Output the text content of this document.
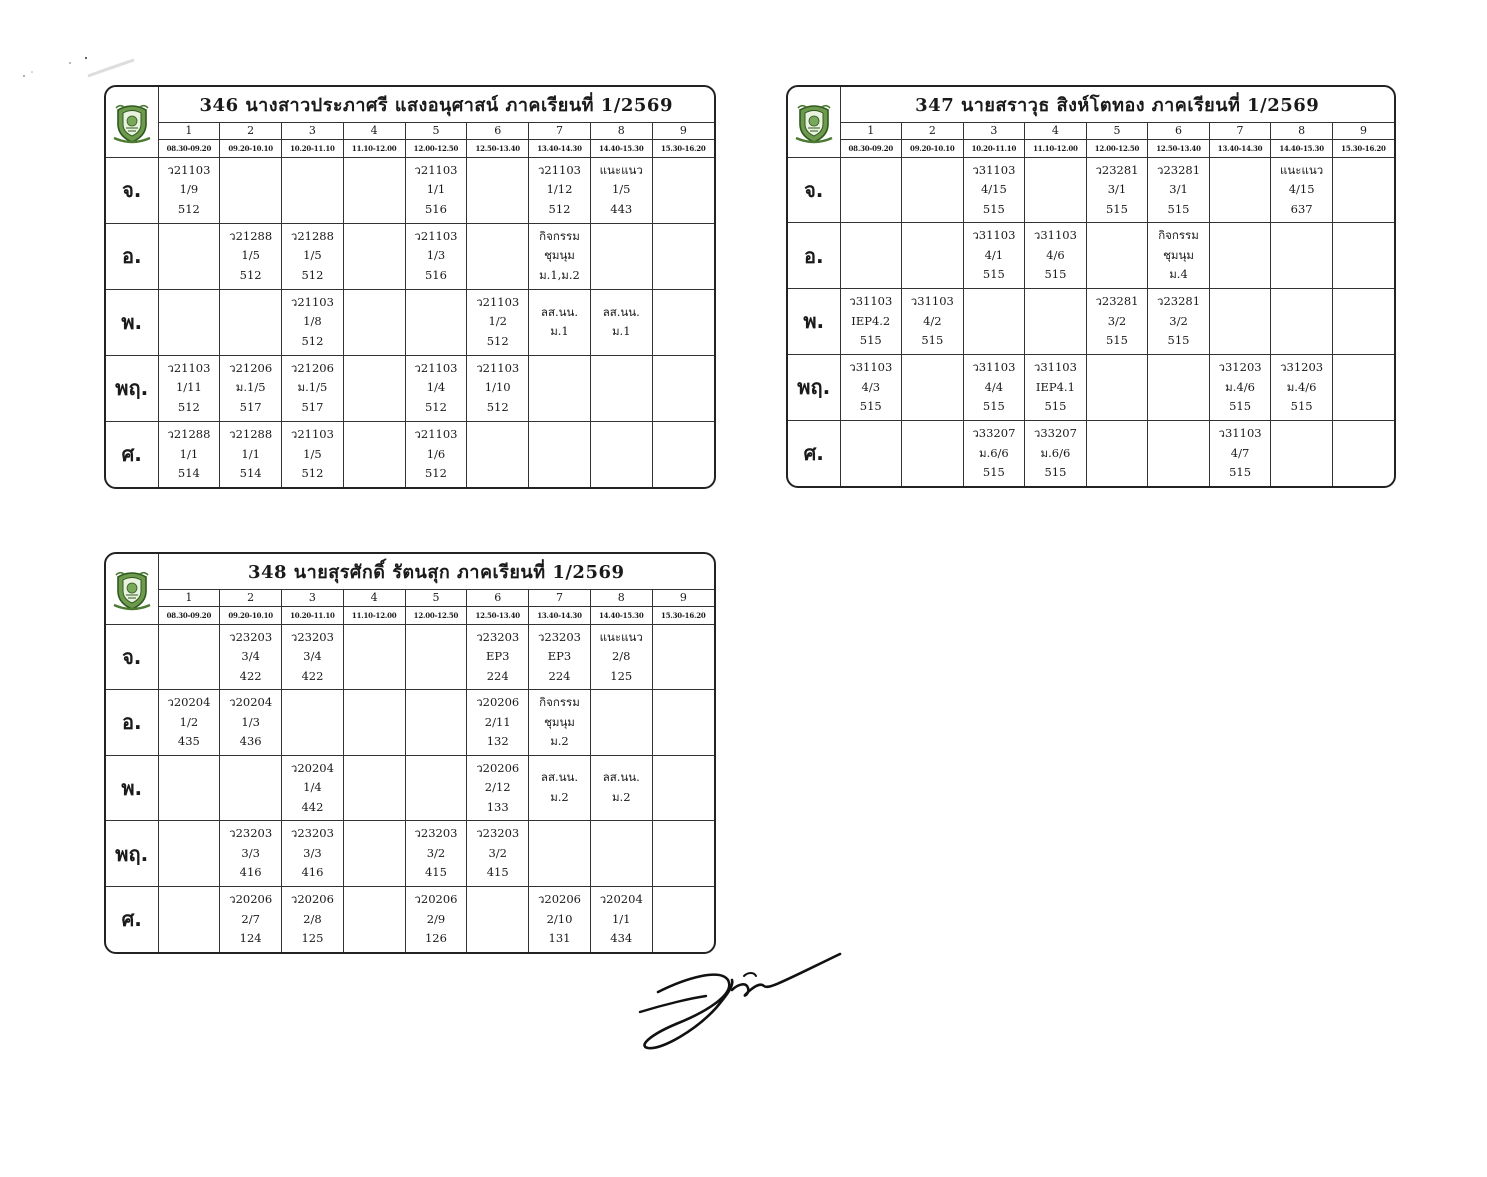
	346 นางสาวประภาศรี แสงอนุศาสน์ ภาคเรียนที่ 1/2569								
	1	2	3	4	5	6	7	8	9
	08.30-09.20	09.20-10.10	10.20-11.10	11.10-12.00	12.00-12.50	12.50-13.40	13.40-14.30	14.40-15.30	15.30-16.20
จ.	ว21103
1/9
512				ว21103
1/1
516		ว21103
1/12
512	แนะแนว
1/5
443	

อ.		ว21288
1/5
512	ว21288
1/5
512		ว21103
1/3
516		กิจกรรม
ชุมนุม
ม.1,ม.2		

พ.			ว21103
1/8
512			ว21103
1/2
512	ลส.นน.
ม.1	ลส.นน.
ม.1	

พฤ.	ว21103
1/11
512	ว21206
ม.1/5
517	ว21206
ม.1/5
517		ว21103
1/4
512	ว21103
1/10
512			

ศ.	ว21288
1/1
514	ว21288
1/1
514	ว21103
1/5
512		ว21103
1/6
512				

	347 นายสราวุธ สิงห์โตทอง ภาคเรียนที่ 1/2569								
	1	2	3	4	5	6	7	8	9
	08.30-09.20	09.20-10.10	10.20-11.10	11.10-12.00	12.00-12.50	12.50-13.40	13.40-14.30	14.40-15.30	15.30-16.20
จ.			ว31103
4/15
515		ว23281
3/1
515	ว23281
3/1
515		แนะแนว
4/15
637	

อ.			ว31103
4/1
515	ว31103
4/6
515		กิจกรรม
ชุมนุม
ม.4			

พ.	ว31103
IEP4.2
515	ว31103
4/2
515			ว23281
3/2
515	ว23281
3/2
515			

พฤ.	ว31103
4/3
515		ว31103
4/4
515	ว31103
IEP4.1
515			ว31203
ม.4/6
515	ว31203
ม.4/6
515	

ศ.			ว33207
ม.6/6
515	ว33207
ม.6/6
515			ว31103
4/7
515		

	348 นายสุรศักดิ์ รัตนสุก ภาคเรียนที่ 1/2569								
	1	2	3	4	5	6	7	8	9
	08.30-09.20	09.20-10.10	10.20-11.10	11.10-12.00	12.00-12.50	12.50-13.40	13.40-14.30	14.40-15.30	15.30-16.20
จ.		ว23203
3/4
422	ว23203
3/4
422			ว23203
EP3
224	ว23203
EP3
224	แนะแนว
2/8
125	

อ.	ว20204
1/2
435	ว20204
1/3
436				ว20206
2/11
132	กิจกรรม
ชุมนุม
ม.2		

พ.			ว20204
1/4
442			ว20206
2/12
133	ลส.นน.
ม.2	ลส.นน.
ม.2	

พฤ.		ว23203
3/3
416	ว23203
3/3
416		ว23203
3/2
415	ว23203
3/2
415			

ศ.		ว20206
2/7
124	ว20206
2/8
125		ว20206
2/9
126		ว20206
2/10
131	ว20204
1/1
434	
